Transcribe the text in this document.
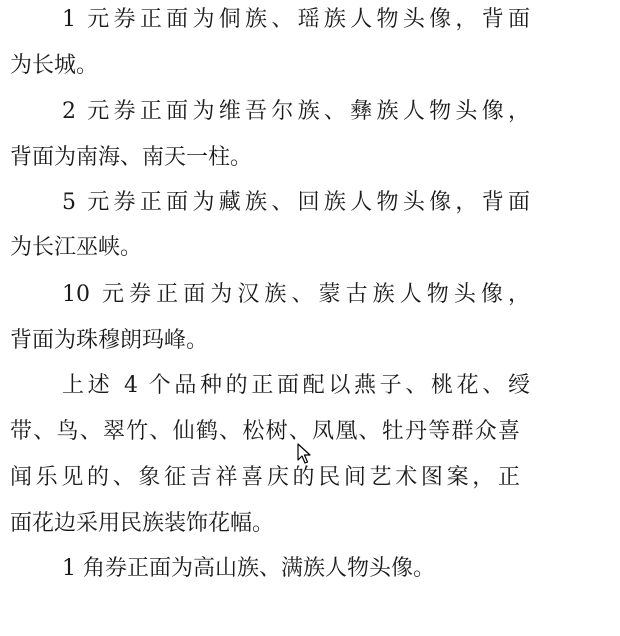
1 元券正面为侗族、瑶族人物头像，背面
为长城。
2 元券正面为维吾尔族、彝族人物头像，
背面为南海、南天一柱。
5 元券正面为藏族、回族人物头像，背面
为长江巫峡。
10 元券正面为汉族、蒙古族人物头像，
背面为珠穆朗玛峰。
上述 4 个品种的正面配以燕子、桃花、绶
带、鸟、翠竹、仙鹤、松树、凤凰、牡丹等群众喜
闻乐见的、象征吉祥喜庆的民间艺术图案，正
面花边采用民族装饰花幅。
1 角券正面为高山族、满族人物头像。
